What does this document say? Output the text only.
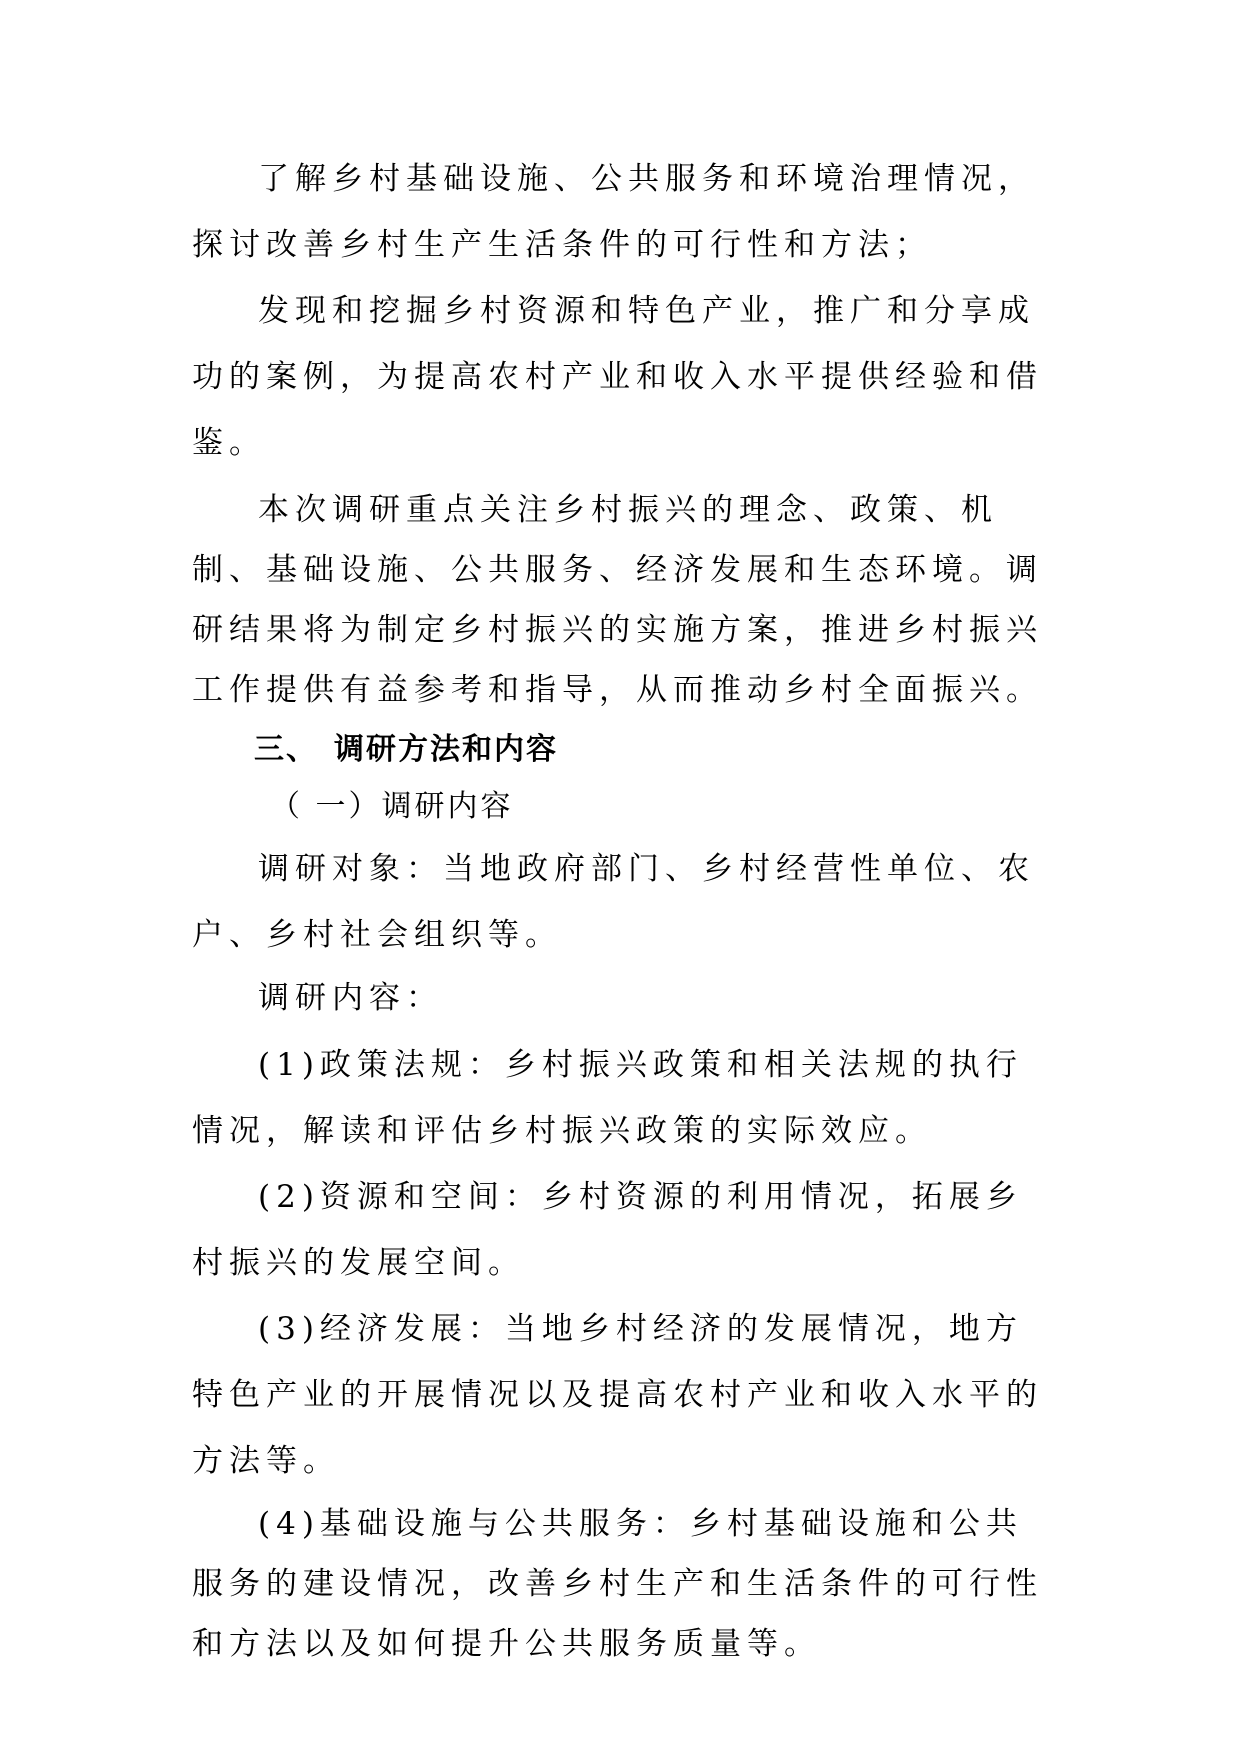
了解乡村基础设施、公共服务和环境治理情况，探讨改善乡村生产生活条件的可行性和方法；

发现和挖掘乡村资源和特色产业，推广和分享成功的案例，为提高农村产业和收入水平提供经验和借鉴。

本次调研重点关注乡村振兴的理念、政策、机制、基础设施、公共服务、经济发展和生态环境。调研结果将为制定乡村振兴的实施方案，推进乡村振兴工作提供有益参考和指导，从而推动乡村全面振兴。

三、 调研方法和内容

（ 一）调研内容

调研对象：当地政府部门、乡村经营性单位、农户、乡村社会组织等。

调研内容：

(1)政策法规：乡村振兴政策和相关法规的执行情况，解读和评估乡村振兴政策的实际效应。

(2)资源和空间：乡村资源的利用情况，拓展乡村振兴的发展空间。

(3)经济发展：当地乡村经济的发展情况，地方特色产业的开展情况以及提高农村产业和收入水平的方法等。

(4)基础设施与公共服务：乡村基础设施和公共服务的建设情况，改善乡村生产和生活条件的可行性和方法以及如何提升公共服务质量等。
